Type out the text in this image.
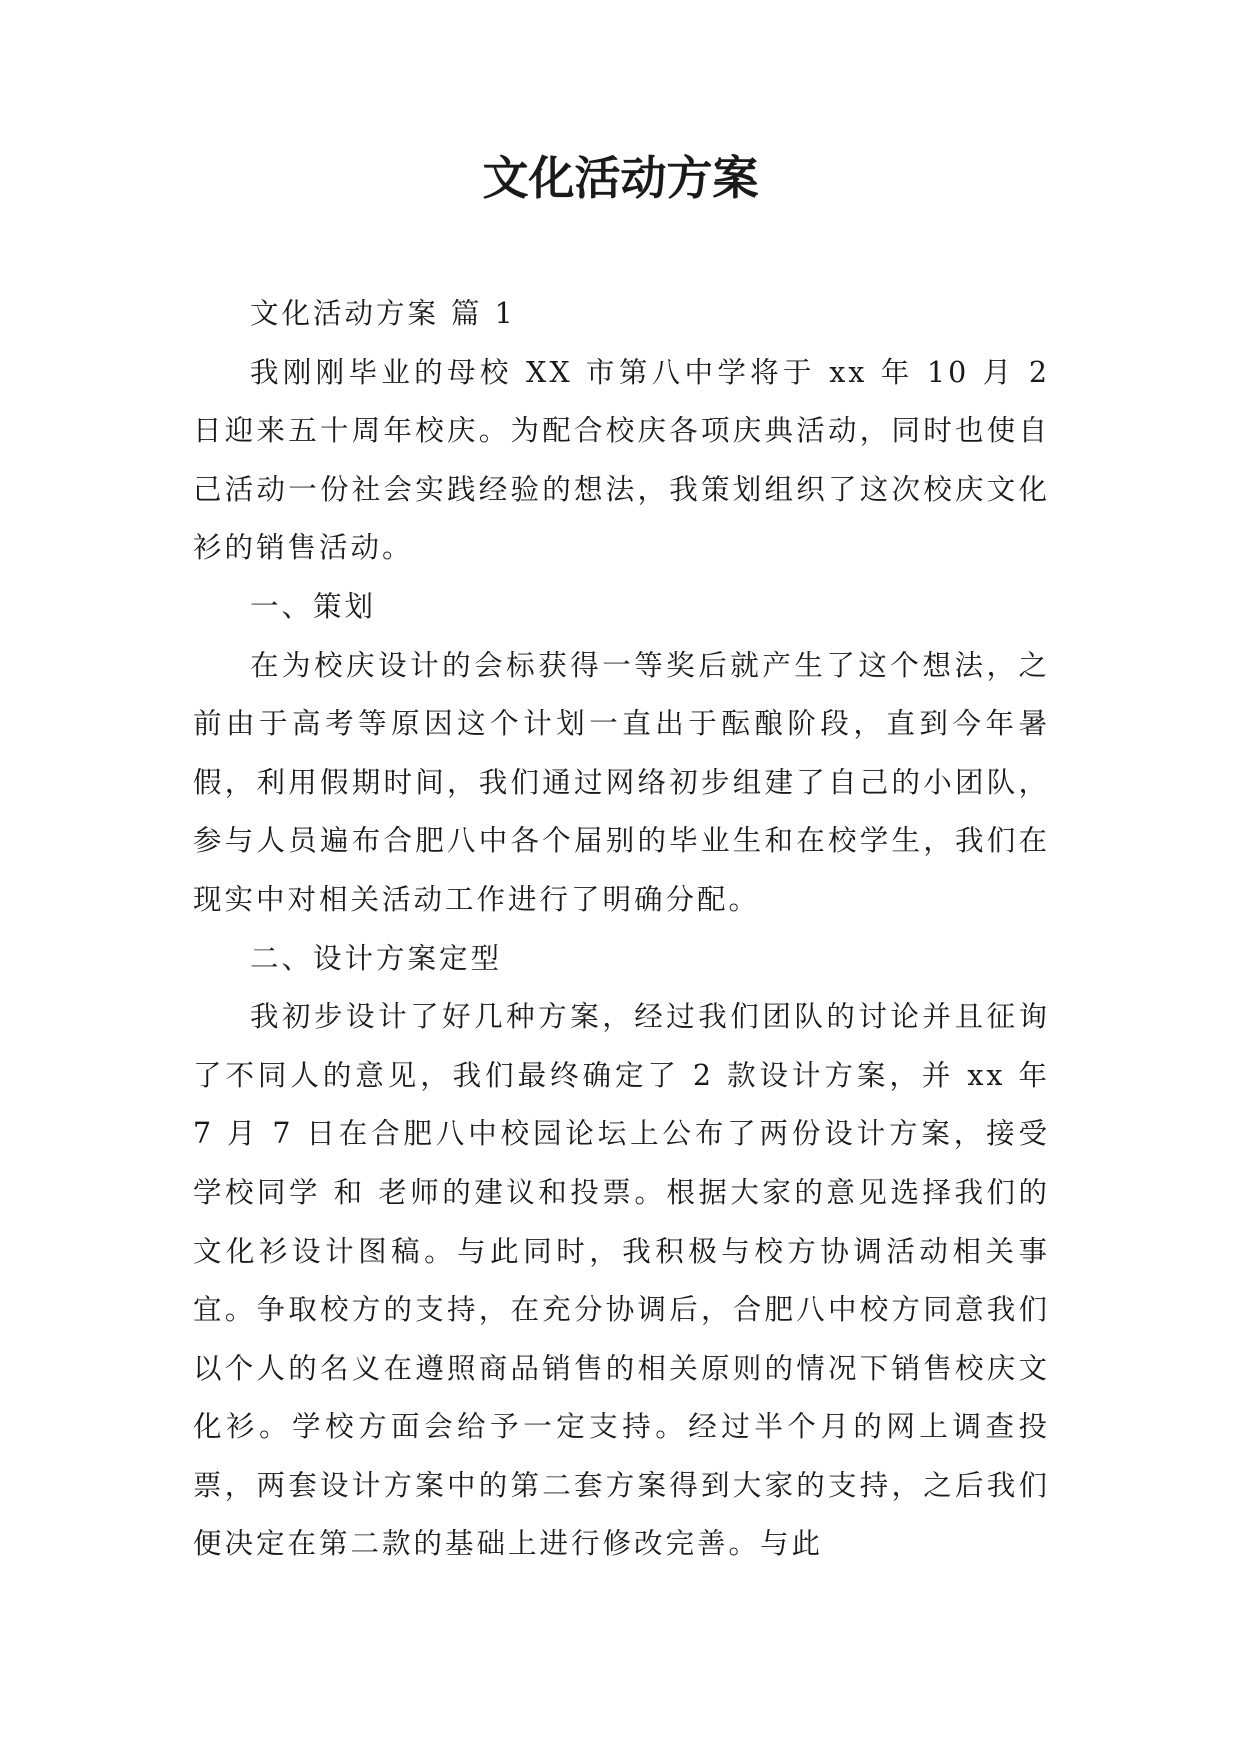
文化活动方案

文化活动方案 篇 1

我刚刚毕业的母校 XX 市第八中学将于 xx 年 10 月 2 日迎来五十周年校庆。为配合校庆各项庆典活动，同时也使自己活动一份社会实践经验的想法，我策划组织了这次校庆文化衫的销售活动。

一、策划

在为校庆设计的会标获得一等奖后就产生了这个想法，之前由于高考等原因这个计划一直出于酝酿阶段，直到今年暑假，利用假期时间，我们通过网络初步组建了自己的小团队，参与人员遍布合肥八中各个届别的毕业生和在校学生，我们在现实中对相关活动工作进行了明确分配。

二、设计方案定型

我初步设计了好几种方案，经过我们团队的讨论并且征询了不同人的意见，我们最终确定了 2 款设计方案，并 xx 年 7 月 7 日在合肥八中校园论坛上公布了两份设计方案，接受学校同学 和 老师的建议和投票。根据大家的意见选择我们的文化衫设计图稿。与此同时，我积极与校方协调活动相关事宜。争取校方的支持，在充分协调后，合肥八中校方同意我们以个人的名义在遵照商品销售的相关原则的情况下销售校庆文化衫。学校方面会给予一定支持。经过半个月的网上调查投票，两套设计方案中的第二套方案得到大家的支持，之后我们便决定在第二款的基础上进行修改完善。与此
